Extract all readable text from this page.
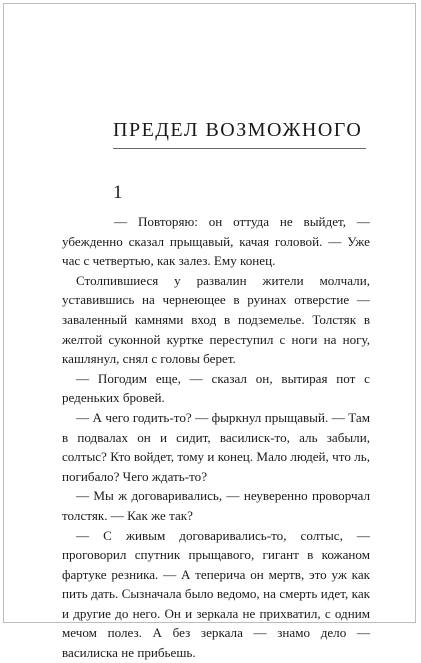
ПРЕДЕЛ ВОЗМОЖНОГО
1

— Повторяю: он оттуда не выйдет, — убежденно сказал прыщавый, качая головой. — Уже час с четвертью, как залез. Ему конец.

Столпившиеся у развалин жители молчали, уставившись на чернеющее в руинах отверстие — заваленный камнями вход в подземелье. Толстяк в желтой суконной куртке переступил с ноги на ногу, кашлянул, снял с головы берет.

— Погодим еще, — сказал он, вытирая пот с реденьких бровей.

— А чего годить-то? — фыркнул прыщавый. — Там в подвалах он и сидит, василиск-то, аль забыли, солтыс? Кто войдет, тому и конец. Мало людей, что ль, погибало? Чего ждать-то?

— Мы ж договаривались, — неуверенно проворчал толстяк. — Как же так?

— С живым договаривались-то, солтыс, — проговорил спутник прыщавого, гигант в кожаном фартуке резника. — А теперича он мертв, это уж как пить дать. Сызначала было ведомо, на смерть идет, как и другие до него. Он и зеркала не прихватил, с одним мечом полез. А без зеркала — знамо дело — василиска не прибьешь.
